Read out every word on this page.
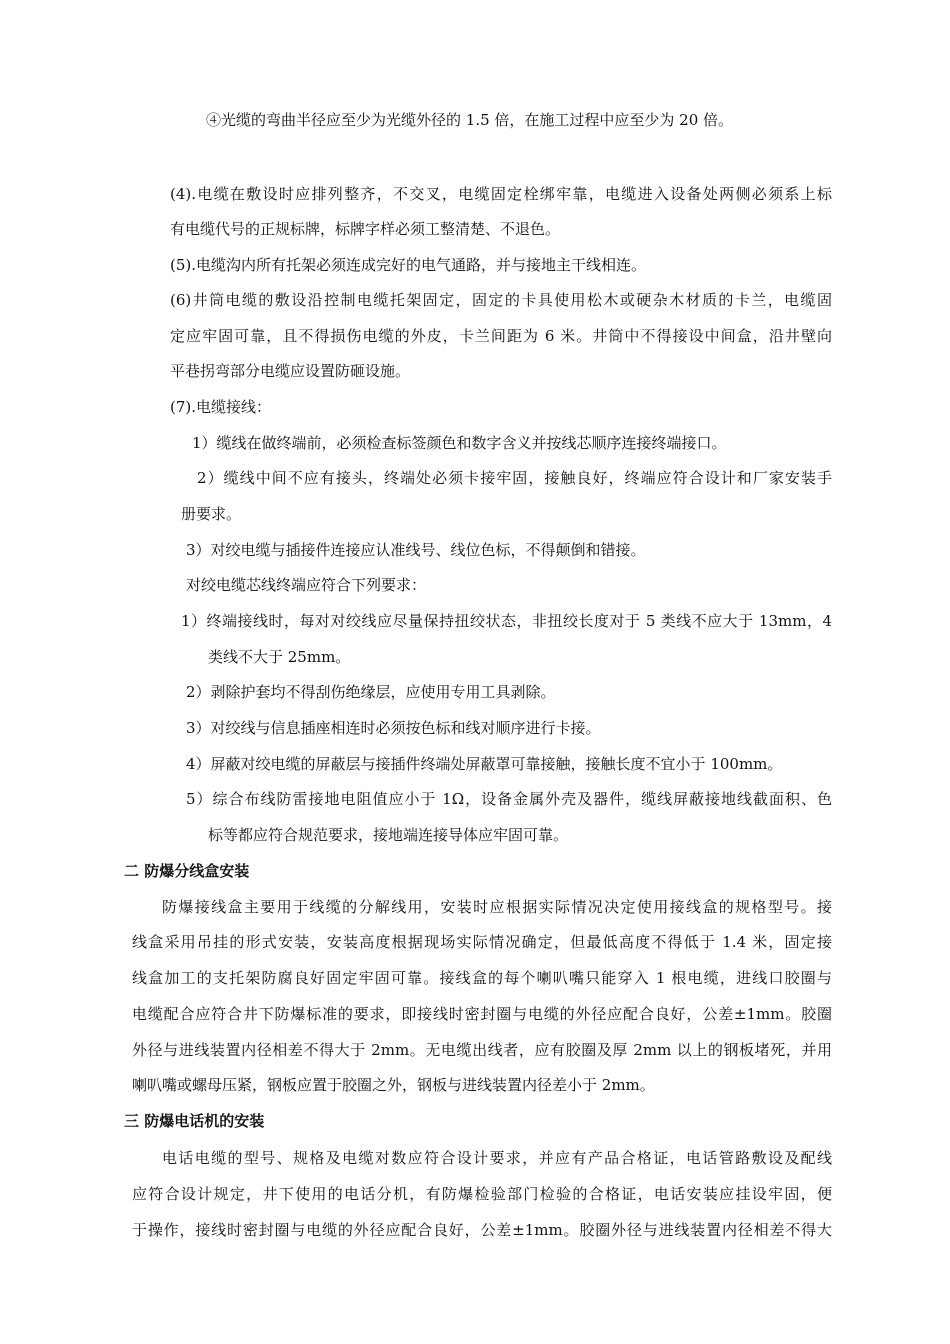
④光缆的弯曲半径应至少为光缆外径的 1.5 倍，在施工过程中应至少为 20 倍。
(4).电缆在敷设时应排列整齐，不交叉，电缆固定栓绑牢靠，电缆进入设备处两侧必须系上标
有电缆代号的正规标牌，标牌字样必须工整清楚、不退色。
(5).电缆沟内所有托架必须连成完好的电气通路，并与接地主干线相连。
(6)井筒电缆的敷设沿控制电缆托架固定，固定的卡具使用松木或硬杂木材质的卡兰，电缆固
定应牢固可靠，且不得损伤电缆的外皮，卡兰间距为 6 米。井筒中不得接设中间盒，沿井壁向
平巷拐弯部分电缆应设置防砸设施。
(7).电缆接线：
1）缆线在做终端前，必须检查标签颜色和数字含义并按线芯顺序连接终端接口。
2）缆线中间不应有接头，终端处必须卡接牢固，接触良好，终端应符合设计和厂家安装手
册要求。
3）对绞电缆与插接件连接应认准线号、线位色标，不得颠倒和错接。
对绞电缆芯线终端应符合下列要求：
1）终端接线时，每对对绞线应尽量保持扭绞状态，非扭绞长度对于 5 类线不应大于 13mm，4
类线不大于 25mm。
2）剥除护套均不得刮伤绝缘层，应使用专用工具剥除。
3）对绞线与信息插座相连时必须按色标和线对顺序进行卡接。
4）屏蔽对绞电缆的屏蔽层与接插件终端处屏蔽罩可靠接触，接触长度不宜小于 100mm。
5）综合布线防雷接地电阻值应小于 1Ω，设备金属外壳及器件，缆线屏蔽接地线截面积、色
标等都应符合规范要求，接地端连接导体应牢固可靠。
二 防爆分线盒安装
防爆接线盒主要用于线缆的分解线用，安装时应根据实际情况决定使用接线盒的规格型号。接
线盒采用吊挂的形式安装，安装高度根据现场实际情况确定，但最低高度不得低于 1.4 米，固定接
线盒加工的支托架防腐良好固定牢固可靠。接线盒的每个喇叭嘴只能穿入 1 根电缆，进线口胶圈与
电缆配合应符合井下防爆标准的要求，即接线时密封圈与电缆的外径应配合良好，公差±1mm。胶圈
外径与进线装置内径相差不得大于 2mm。无电缆出线者，应有胶圈及厚 2mm 以上的钢板堵死，并用
喇叭嘴或螺母压紧，钢板应置于胶圈之外，钢板与进线装置内径差小于 2mm。
三 防爆电话机的安装
电话电缆的型号、规格及电缆对数应符合设计要求，并应有产品合格证，电话管路敷设及配线
应符合设计规定，井下使用的电话分机，有防爆检验部门检验的合格证，电话安装应挂设牢固，便
于操作，接线时密封圈与电缆的外径应配合良好，公差±1mm。胶圈外径与进线装置内径相差不得大
